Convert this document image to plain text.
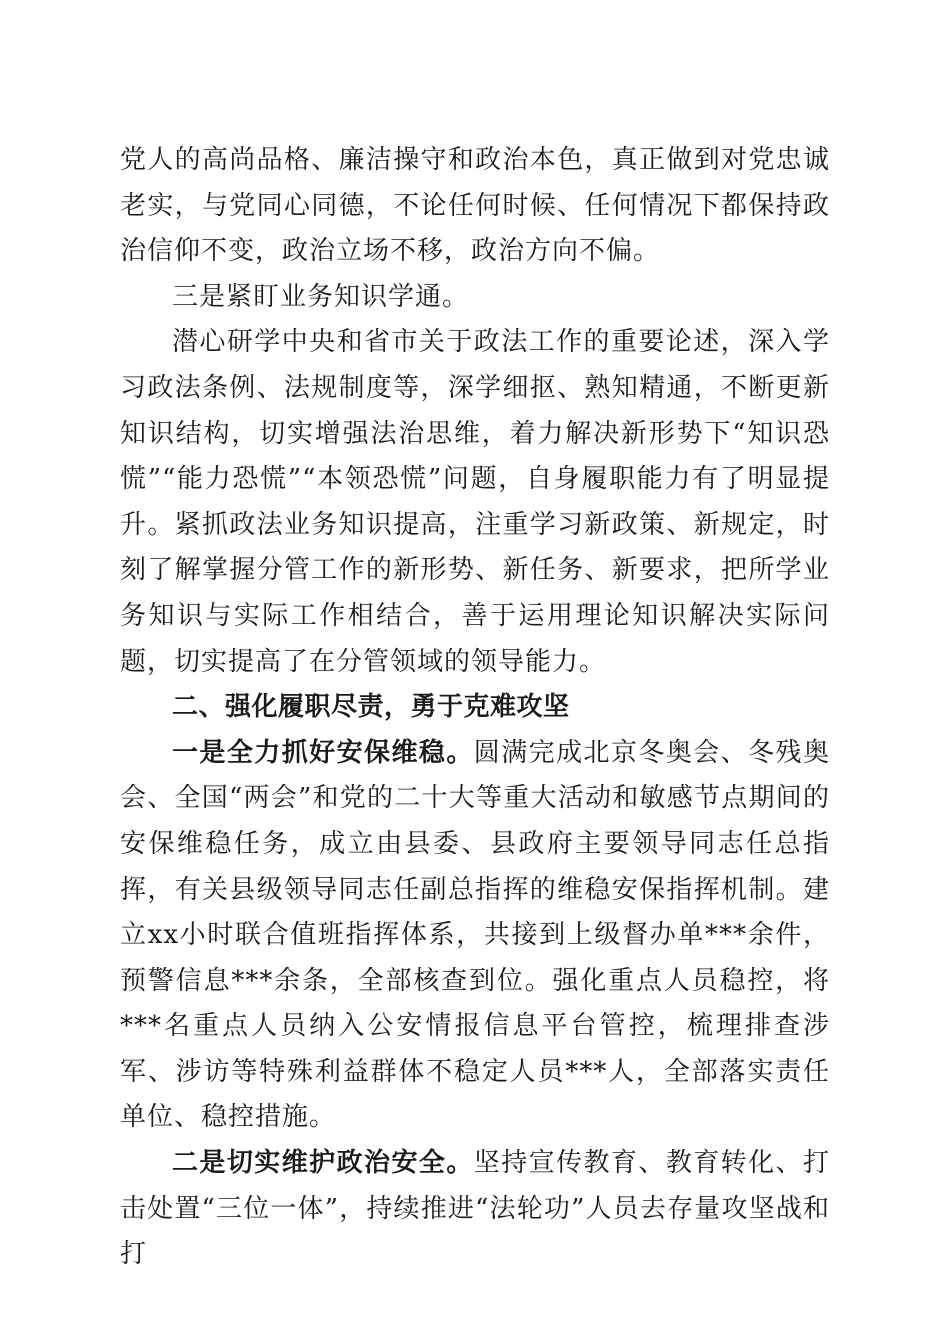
党人的高尚品格、廉洁操守和政治本色，真正做到对党忠诚老实，与党同心同德，不论任何时候、任何情况下都保持政治信仰不变，政治立场不移，政治方向不偏。

三是紧盯业务知识学通。

潜心研学中央和省市关于政法工作的重要论述，深入学习政法条例、法规制度等，深学细抠、熟知精通，不断更新知识结构，切实增强法治思维，着力解决新形势下“知识恐慌”“能力恐慌”“本领恐慌”问题，自身履职能力有了明显提升。紧抓政法业务知识提高，注重学习新政策、新规定，时刻了解掌握分管工作的新形势、新任务、新要求，把所学业务知识与实际工作相结合，善于运用理论知识解决实际问题，切实提高了在分管领域的领导能力。

二、强化履职尽责，勇于克难攻坚

一是全力抓好安保维稳。圆满完成北京冬奥会、冬残奥会、全国“两会”和党的二十大等重大活动和敏感节点期间的安保维稳任务，成立由县委、县政府主要领导同志任总指挥，有关县级领导同志任副总指挥的维稳安保指挥机制。建立xx小时联合值班指挥体系，共接到上级督办单***余件，预警信息***余条，全部核查到位。强化重点人员稳控，将***名重点人员纳入公安情报信息平台管控，梳理排查涉军、涉访等特殊利益群体不稳定人员***人，全部落实责任单位、稳控措施。

二是切实维护政治安全。坚持宣传教育、教育转化、打击处置“三位一体”，持续推进“法轮功”人员去存量攻坚战和打
